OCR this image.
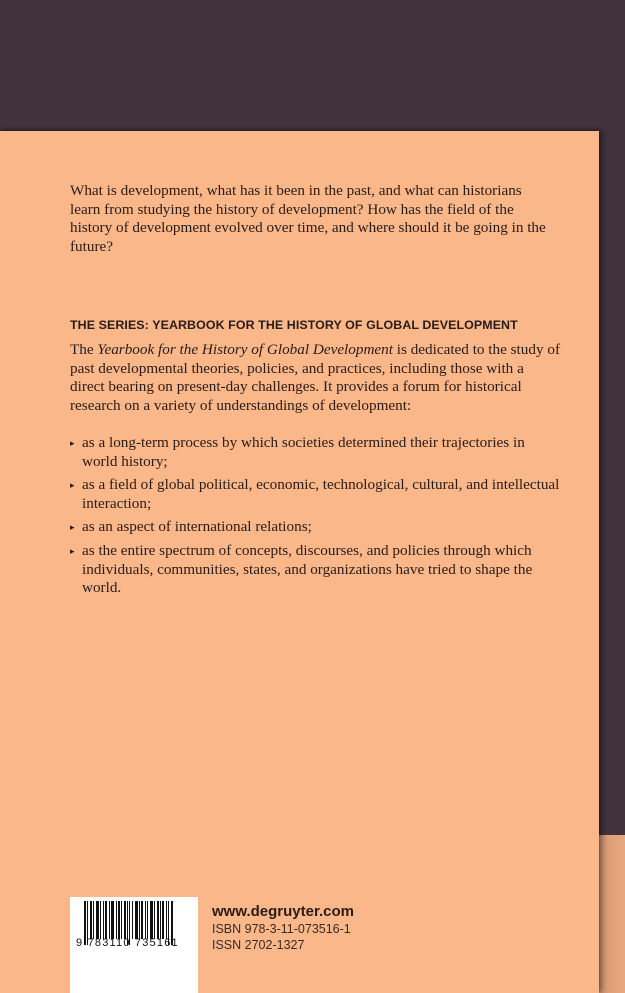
What is development, what has it been in the past, and what can historians learn from studying the history of development? How has the field of the history of development evolved over time, and where should it be going in the future?

THE SERIES: YEARBOOK FOR THE HISTORY OF GLOBAL DEVELOPMENT

The Yearbook for the History of Global Development is dedicated to the study of past developmental theories, policies, and practices, including those with a direct bearing on present-day challenges. It provides a forum for historical research on a variety of understandings of development:

▸ as a long-term process by which societies determined their trajectories in world history;
▸ as a field of global political, economic, technological, cultural, and intellectual interaction;
▸ as an aspect of international relations;
▸ as the entire spectrum of concepts, discourses, and policies through which individuals, communities, states, and organizations have tried to shape the world.
9 783110 735161
www.degruyter.com
ISBN 978-3-11-073516-1
ISSN 2702-1327
